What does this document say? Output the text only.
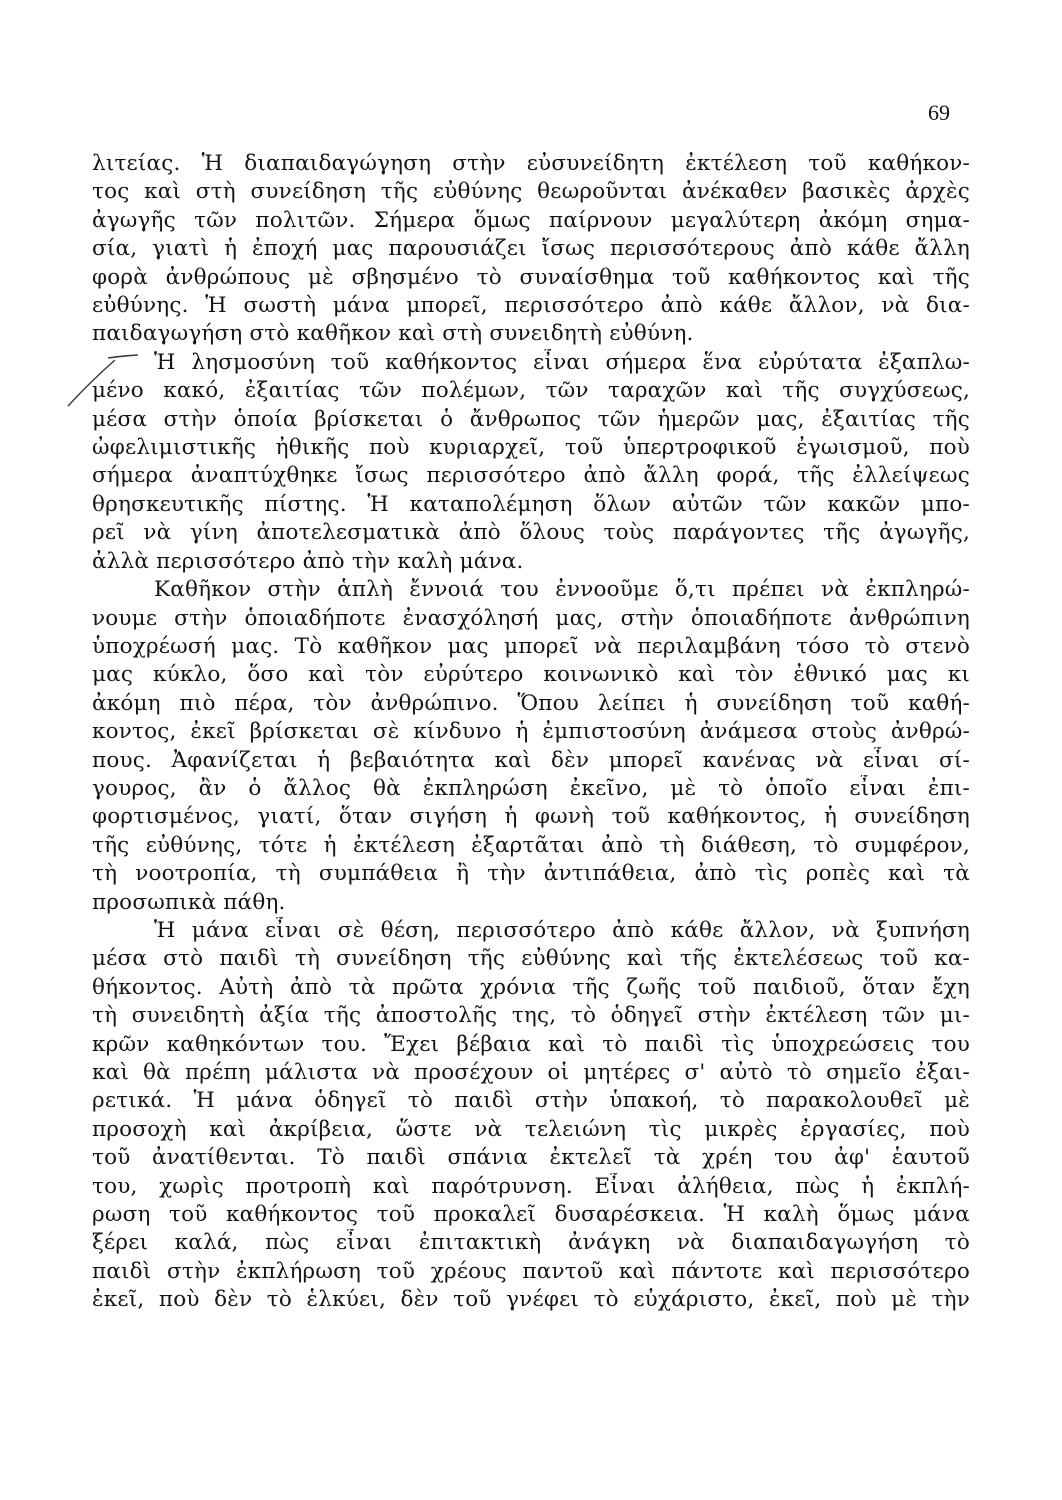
69
λιτείας. Ἡ διαπαιδαγώγηση στὴν εὐσυνείδητη ἐκτέλεση τοῦ καθήκον-
τος καὶ στὴ συνείδηση τῆς εὐθύνης θεωροῦνται ἀνέκαθεν βασικὲς ἀρχὲς
ἀγωγῆς τῶν πολιτῶν. Σήμερα ὅμως παίρνουν μεγαλύτερη ἀκόμη σημα-
σία, γιατὶ ἡ ἐποχή μας παρουσιάζει ἴσως περισσότερους ἀπὸ κάθε ἄλλη
φορὰ ἀνθρώπους μὲ σβησμένο τὸ συναίσθημα τοῦ καθήκοντος καὶ τῆς
εὐθύνης. Ἡ σωστὴ μάνα μπορεῖ, περισσότερο ἀπὸ κάθε ἄλλον, νὰ δια-
παιδαγωγήση στὸ καθῆκον καὶ στὴ συνειδητὴ εὐθύνη.
Ἡ λησμοσύνη τοῦ καθήκοντος εἶναι σήμερα ἕνα εὐρύτατα ἐξαπλω-
μένο κακό, ἐξαιτίας τῶν πολέμων, τῶν ταραχῶν καὶ τῆς συγχύσεως,
μέσα στὴν ὁποία βρίσκεται ὁ ἄνθρωπος τῶν ἡμερῶν μας, ἐξαιτίας τῆς
ὠφελιμιστικῆς ἠθικῆς ποὺ κυριαρχεῖ, τοῦ ὑπερτροφικοῦ ἐγωισμοῦ, ποὺ
σήμερα ἀναπτύχθηκε ἴσως περισσότερο ἀπὸ ἄλλη φορά, τῆς ἐλλείψεως
θρησκευτικῆς πίστης. Ἡ καταπολέμηση ὅλων αὐτῶν τῶν κακῶν μπο-
ρεῖ νὰ γίνη ἀποτελεσματικὰ ἀπὸ ὅλους τοὺς παράγοντες τῆς ἀγωγῆς,
ἀλλὰ περισσότερο ἀπὸ τὴν καλὴ μάνα.
Καθῆκον στὴν ἁπλὴ ἔννοιά του ἐννοοῦμε ὅ,τι πρέπει νὰ ἐκπληρώ-
νουμε στὴν ὁποιαδήποτε ἐνασχόλησή μας, στὴν ὁποιαδήποτε ἀνθρώπινη
ὑποχρέωσή μας. Τὸ καθῆκον μας μπορεῖ νὰ περιλαμβάνη τόσο τὸ στενὸ
μας κύκλο, ὅσο καὶ τὸν εὐρύτερο κοινωνικὸ καὶ τὸν ἐθνικό μας κι
ἀκόμη πιὸ πέρα, τὸν ἀνθρώπινο. Ὅπου λείπει ἡ συνείδηση τοῦ καθή-
κοντος, ἐκεῖ βρίσκεται σὲ κίνδυνο ἡ ἐμπιστοσύνη ἀνάμεσα στοὺς ἀνθρώ-
πους. Ἀφανίζεται ἡ βεβαιότητα καὶ δὲν μπορεῖ κανένας νὰ εἶναι σί-
γουρος, ἂν ὁ ἄλλος θὰ ἐκπληρώση ἐκεῖνο, μὲ τὸ ὁποῖο εἶναι ἐπι-
φορτισμένος, γιατί, ὅταν σιγήση ἡ φωνὴ τοῦ καθήκοντος, ἡ συνείδηση
τῆς εὐθύνης, τότε ἡ ἐκτέλεση ἐξαρτᾶται ἀπὸ τὴ διάθεση, τὸ συμφέρον,
τὴ νοοτροπία, τὴ συμπάθεια ἢ τὴν ἀντιπάθεια, ἀπὸ τὶς ροπὲς καὶ τὰ
προσωπικὰ πάθη.
Ἡ μάνα εἶναι σὲ θέση, περισσότερο ἀπὸ κάθε ἄλλον, νὰ ξυπνήση
μέσα στὸ παιδὶ τὴ συνείδηση τῆς εὐθύνης καὶ τῆς ἐκτελέσεως τοῦ κα-
θήκοντος. Αὐτὴ ἀπὸ τὰ πρῶτα χρόνια τῆς ζωῆς τοῦ παιδιοῦ, ὅταν ἔχη
τὴ συνειδητὴ ἀξία τῆς ἀποστολῆς της, τὸ ὁδηγεῖ στὴν ἐκτέλεση τῶν μι-
κρῶν καθηκόντων του. Ἔχει βέβαια καὶ τὸ παιδὶ τὶς ὑποχρεώσεις του
καὶ θὰ πρέπη μάλιστα νὰ προσέχουν οἱ μητέρες σ' αὐτὸ τὸ σημεῖο ἐξαι-
ρετικά. Ἡ μάνα ὁδηγεῖ τὸ παιδὶ στὴν ὑπακοή, τὸ παρακολουθεῖ μὲ
προσοχὴ καὶ ἀκρίβεια, ὥστε νὰ τελειώνη τὶς μικρὲς ἐργασίες, ποὺ
τοῦ ἀνατίθενται. Τὸ παιδὶ σπάνια ἐκτελεῖ τὰ χρέη του ἀφ' ἑαυτοῦ
του, χωρὶς προτροπὴ καὶ παρότρυνση. Εἶναι ἀλήθεια, πὼς ἡ ἐκπλή-
ρωση τοῦ καθήκοντος τοῦ προκαλεῖ δυσαρέσκεια. Ἡ καλὴ ὅμως μάνα
ξέρει καλά, πὼς εἶναι ἐπιτακτικὴ ἀνάγκη νὰ διαπαιδαγωγήση τὸ
παιδὶ στὴν ἐκπλήρωση τοῦ χρέους παντοῦ καὶ πάντοτε καὶ περισσότερο
ἐκεῖ, ποὺ δὲν τὸ ἑλκύει, δὲν τοῦ γνέφει τὸ εὐχάριστο, ἐκεῖ, ποὺ μὲ τὴν
